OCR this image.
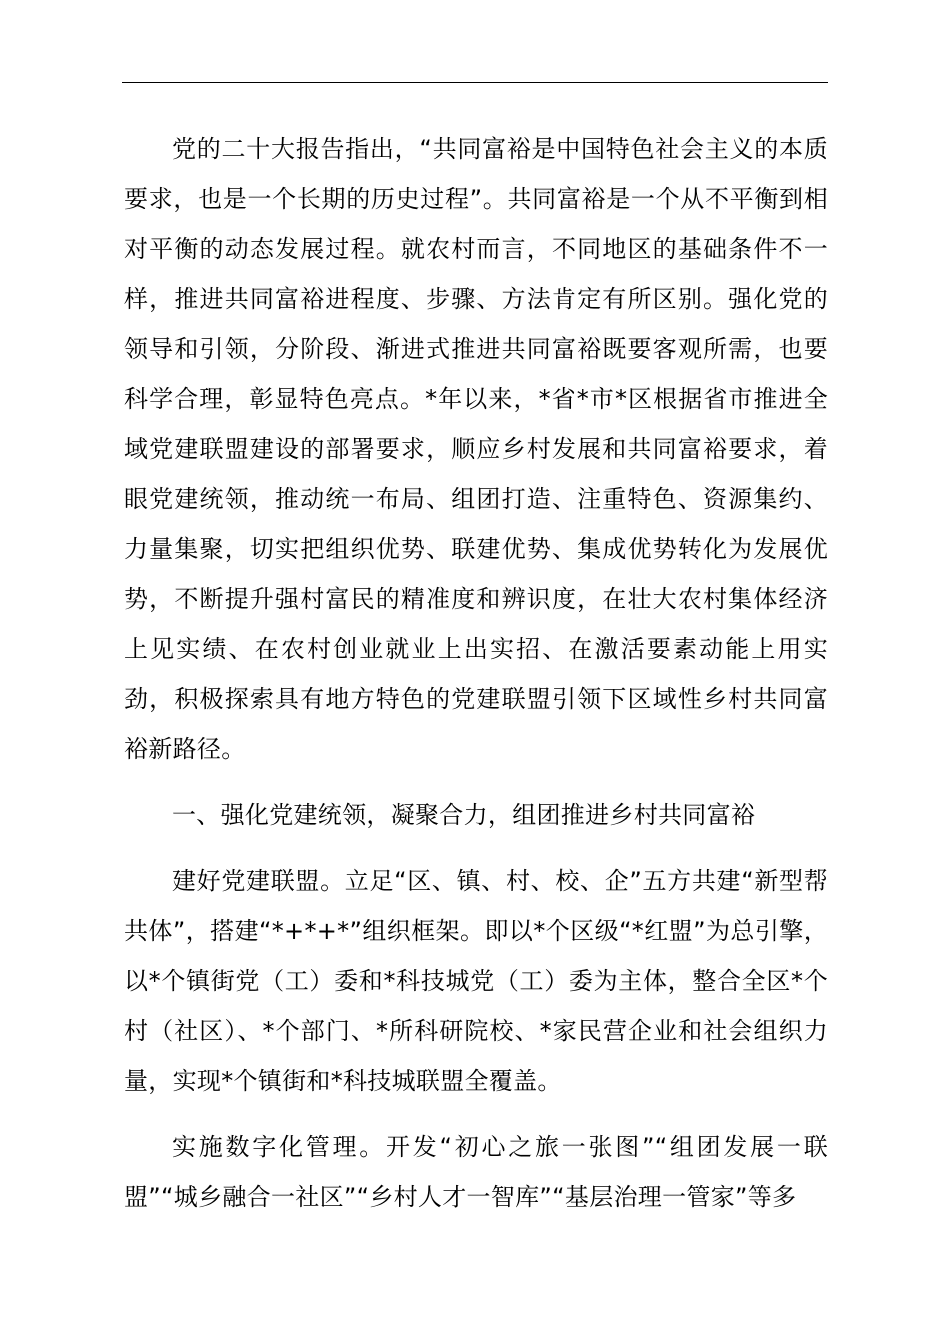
党的二十大报告指出，“共同富裕是中国特色社会主义的本质要求，也是一个长期的历史过程”。共同富裕是一个从不平衡到相对平衡的动态发展过程。就农村而言，不同地区的基础条件不一样，推进共同富裕进程度、步骤、方法肯定有所区别。强化党的领导和引领，分阶段、渐进式推进共同富裕既要客观所需，也要科学合理，彰显特色亮点。*年以来，*省*市*区根据省市推进全域党建联盟建设的部署要求，顺应乡村发展和共同富裕要求，着眼党建统领，推动统一布局、组团打造、注重特色、资源集约、力量集聚，切实把组织优势、联建优势、集成优势转化为发展优势，不断提升强村富民的精准度和辨识度，在壮大农村集体经济上见实绩、在农村创业就业上出实招、在激活要素动能上用实劲，积极探索具有地方特色的党建联盟引领下区域性乡村共同富裕新路径。

一、强化党建统领，凝聚合力，组团推进乡村共同富裕

建好党建联盟。立足“区、镇、村、校、企”五方共建“新型帮共体”，搭建“*+*+*”组织框架。即以*个区级“*红盟”为总引擎，以*个镇街党（工）委和*科技城党（工）委为主体，整合全区*个村（社区）、*个部门、*所科研院校、*家民营企业和社会组织力量，实现*个镇街和*科技城联盟全覆盖。

实施数字化管理。开发“初心之旅一张图”“组团发展一联盟”“城乡融合一社区”“乡村人才一智库”“基层治理一管家”等多
